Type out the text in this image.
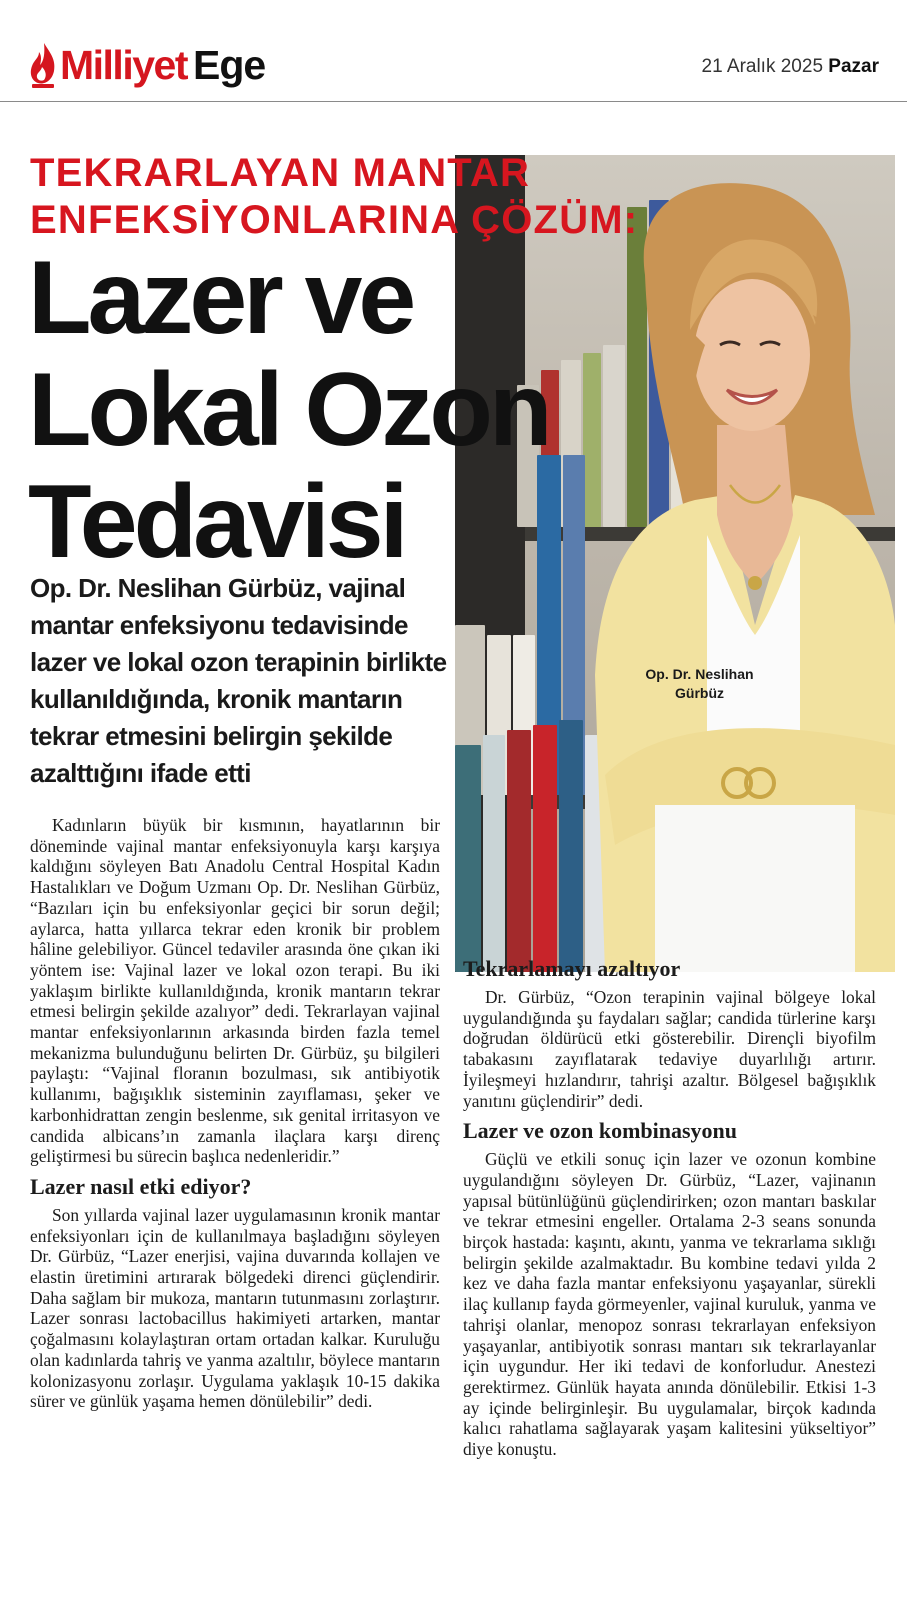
Milliyet Ege	21 Aralık 2025 Pazar
Op. Dr. Neslihan
Gürbüz
TEKRARLAYAN MANTAR ENFEKSİYONLARINA ÇÖZÜM:
Lazer ve
Lokal Ozon
Tedavisi
Op. Dr. Neslihan Gürbüz, vajinal mantar enfeksiyonu tedavisinde lazer ve lokal ozon terapinin birlikte kullanıldığında, kronik mantarın tekrar etmesini belirgin şekilde azalttığını ifade etti

Kadınların büyük bir kısmının, hayatlarının bir döneminde vajinal mantar enfeksiyonuyla karşı karşıya kaldığını söyleyen Batı Anadolu Central Hospital Kadın Hastalıkları ve Doğum Uzmanı Op. Dr. Neslihan Gürbüz, “Bazıları için bu enfeksiyonlar geçici bir sorun değil; aylarca, hatta yıllarca tekrar eden kronik bir problem hâline gelebiliyor. Güncel tedaviler arasında öne çıkan iki yöntem ise: Vajinal lazer ve lokal ozon terapi. Bu iki yaklaşım birlikte kullanıldığında, kronik mantarın tekrar etmesi belirgin şekilde azalıyor” dedi. Tekrarlayan vajinal mantar enfeksiyonlarının arkasında birden fazla temel mekanizma bulunduğunu belirten Dr. Gürbüz, şu bilgileri paylaştı: “Vajinal floranın bozulması, sık antibiyotik kullanımı, bağışıklık sisteminin zayıflaması, şeker ve karbonhidrattan zengin beslenme, sık genital irritasyon ve candida albicans’ın zamanla ilaçlara karşı direnç geliştirmesi bu sürecin başlıca nedenleridir.”

Lazer nasıl etki ediyor?

Son yıllarda vajinal lazer uygulamasının kronik mantar enfeksiyonları için de kullanılmaya başladığını söyleyen Dr. Gürbüz, “Lazer enerjisi, vajina duvarında kollajen ve elastin üretimini artırarak bölgedeki direnci güçlendirir. Daha sağlam bir mukoza, mantarın tutunmasını zorlaştırır. Lazer sonrası lactobacillus hakimiyeti artarken, mantar çoğalmasını kolaylaştıran ortam ortadan kalkar. Kuruluğu olan kadınlarda tahriş ve yanma azaltılır, böylece mantarın kolonizasyonu zorlaşır. Uygulama yaklaşık 10-15 dakika sürer ve günlük yaşama hemen dönülebilir” dedi.

Tekrarlamayı azaltıyor

Dr. Gürbüz, “Ozon terapinin vajinal bölgeye lokal uygulandığında şu faydaları sağlar; candida türlerine karşı doğrudan öldürücü etki gösterebilir. Dirençli biyofilm tabakasını zayıflatarak tedaviye duyarlılığı artırır. İyileşmeyi hızlandırır, tahrişi azaltır. Bölgesel bağışıklık yanıtını güçlendirir” dedi.

Lazer ve ozon kombinasyonu

Güçlü ve etkili sonuç için lazer ve ozonun kombine uygulandığını söyleyen Dr. Gürbüz, “Lazer, vajinanın yapısal bütünlüğünü güçlendirirken; ozon mantarı baskılar ve tekrar etmesini engeller. Ortalama 2-3 seans sonunda birçok hastada: kaşıntı, akıntı, yanma ve tekrarlama sıklığı belirgin şekilde azalmaktadır. Bu kombine tedavi yılda 2 kez ve daha fazla mantar enfeksiyonu yaşayanlar, sürekli ilaç kullanıp fayda görmeyenler, vajinal kuruluk, yanma ve tahrişi olanlar, menopoz sonrası tekrarlayan enfeksiyon yaşayanlar, antibiyotik sonrası mantarı sık tekrarlayanlar için uygundur. Her iki tedavi de konforludur. Anestezi gerektirmez. Günlük hayata anında dönülebilir. Etkisi 1-3 ay içinde belirginleşir. Bu uygulamalar, birçok kadında kalıcı rahatlama sağlayarak yaşam kalitesini yükseltiyor” diye konuştu.
